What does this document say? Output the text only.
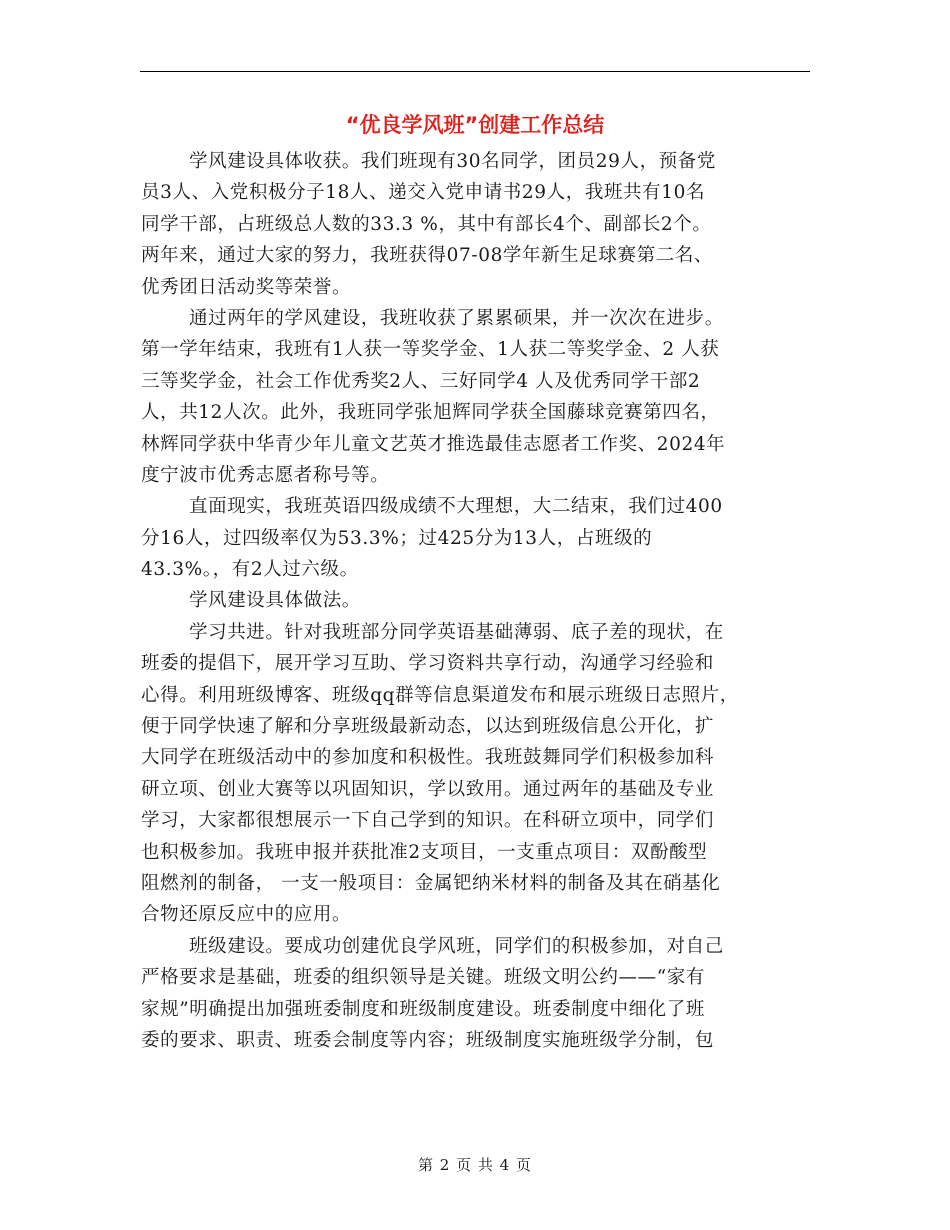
“优良学风班”创建工作总结
学风建设具体收获。我们班现有30名同学，团员29人，预备党
员3人、入党积极分子18人、递交入党申请书29人，我班共有10名
同学干部，占班级总人数的33.3 %，其中有部长4个、副部长2个。
两年来，通过大家的努力，我班获得07-08学年新生足球赛第二名、
优秀团日活动奖等荣誉。
通过两年的学风建设，我班收获了累累硕果，并一次次在进步。
第一学年结束，我班有1人获一等奖学金、1人获二等奖学金、2 人获
三等奖学金，社会工作优秀奖2人、三好同学4 人及优秀同学干部2
人，共12人次。此外，我班同学张旭辉同学获全国藤球竞赛第四名，
林辉同学获中华青少年儿童文艺英才推选最佳志愿者工作奖、2024年
度宁波市优秀志愿者称号等。
直面现实，我班英语四级成绩不大理想，大二结束，我们过400
分16人，过四级率仅为53.3%；过425分为13人，占班级的
43.3%。，有2人过六级。
学风建设具体做法。
学习共进。针对我班部分同学英语基础薄弱、底子差的现状，在
班委的提倡下，展开学习互助、学习资料共享行动，沟通学习经验和
心得。利用班级博客、班级qq群等信息渠道发布和展示班级日志照片，
便于同学快速了解和分享班级最新动态，以达到班级信息公开化，扩
大同学在班级活动中的参加度和积极性。我班鼓舞同学们积极参加科
研立项、创业大赛等以巩固知识，学以致用。通过两年的基础及专业
学习，大家都很想展示一下自己学到的知识。在科研立项中，同学们
也积极参加。我班申报并获批准2支项目，一支重点项目：双酚酸型
阻燃剂的制备， 一支一般项目：金属钯纳米材料的制备及其在硝基化
合物还原反应中的应用。
班级建设。要成功创建优良学风班，同学们的积极参加，对自己
严格要求是基础，班委的组织领导是关键。班级文明公约——“家有
家规”明确提出加强班委制度和班级制度建设。班委制度中细化了班
委的要求、职责、班委会制度等内容；班级制度实施班级学分制，包
第 2 页 共 4 页
